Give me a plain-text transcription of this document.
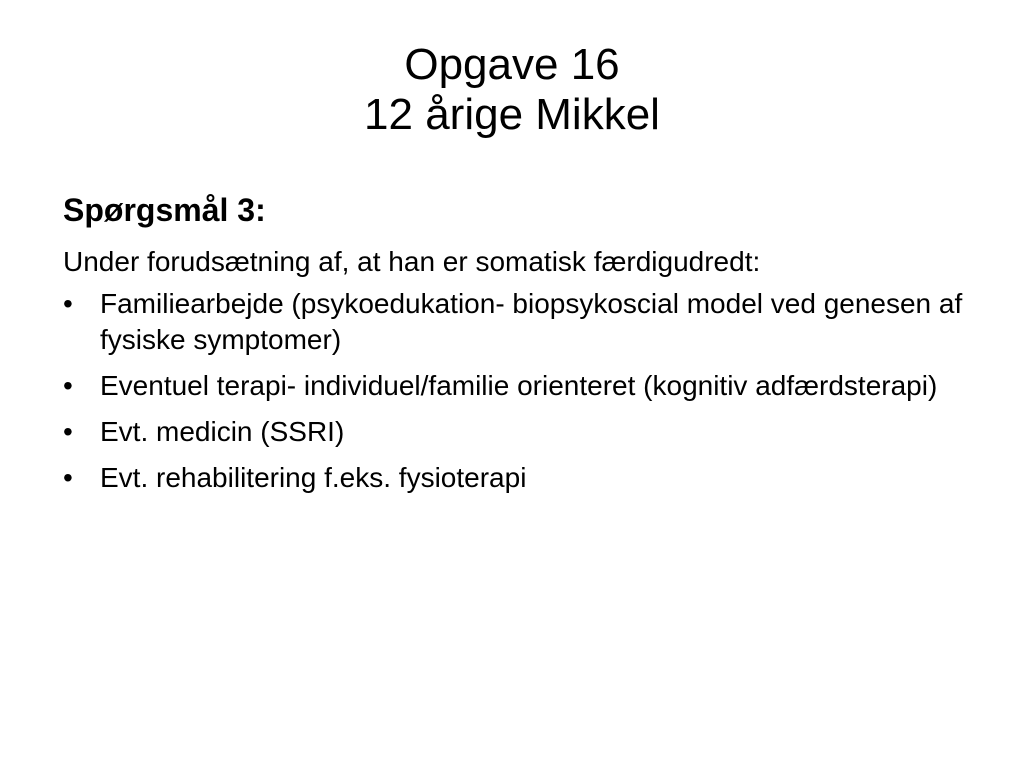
Opgave 16
12 årige Mikkel
Spørgsmål 3:
Under forudsætning af, at han er somatisk færdigudredt:
• Familiearbejde (psykoedukation- biopsykoscial model ved genesen af fysiske symptomer)
• Eventuel terapi- individuel/familie orienteret (kognitiv adfærdsterapi)
• Evt. medicin (SSRI)
• Evt. rehabilitering f.eks. fysioterapi
